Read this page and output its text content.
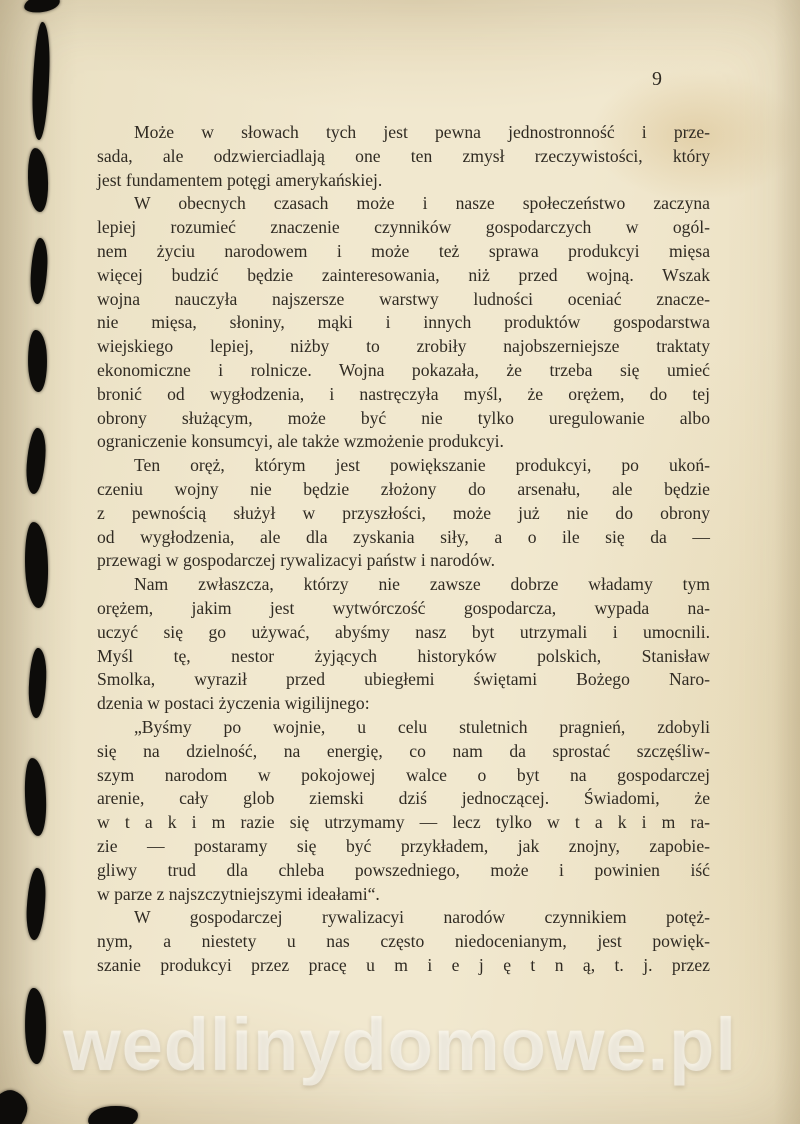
9
Może w słowach tych jest pewna jednostronność i prze-
sada, ale odzwierciadlają one ten zmysł rzeczywistości, który
jest fundamentem potęgi amerykańskiej.
W obecnych czasach może i nasze społeczeństwo zaczyna
lepiej rozumieć znaczenie czynników gospodarczych w ogól-
nem życiu narodowem i może też sprawa produkcyi mięsa
więcej budzić będzie zainteresowania, niż przed wojną. Wszak
wojna nauczyła najszersze warstwy ludności oceniać znacze-
nie mięsa, słoniny, mąki i innych produktów gospodarstwa
wiejskiego lepiej, niżby to zrobiły najobszerniejsze traktaty
ekonomiczne i rolnicze. Wojna pokazała, że trzeba się umieć
bronić od wygłodzenia, i nastręczyła myśl, że orężem, do tej
obrony służącym, może być nie tylko uregulowanie albo
ograniczenie konsumcyi, ale także wzmożenie produkcyi.
Ten oręż, którym jest powiększanie produkcyi, po ukoń-
czeniu wojny nie będzie złożony do arsenału, ale będzie
z pewnością służył w przyszłości, może już nie do obrony
od wygłodzenia, ale dla zyskania siły, a o ile się da —
przewagi w gospodarczej rywalizacyi państw i narodów.
Nam zwłaszcza, którzy nie zawsze dobrze władamy tym
orężem, jakim jest wytwórczość gospodarcza, wypada na-
uczyć się go używać, abyśmy nasz byt utrzymali i umocnili.
Myśl tę, nestor żyjących historyków polskich, Stanisław
Smolka, wyraził przed ubiegłemi świętami Bożego Naro-
dzenia w postaci życzenia wigilijnego:
„Byśmy po wojnie, u celu stuletnich pragnień, zdobyli
się na dzielność, na energię, co nam da sprostać szczęśliw-
szym narodom w pokojowej walce o byt na gospodarczej
arenie, cały glob ziemski dziś jednoczącej. Świadomi, że
w t a k i m razie się utrzymamy — lecz tylko w t a k i m ra-
zie — postaramy się być przykładem, jak znojny, zapobie-
gliwy trud dla chleba powszedniego, może i powinien iść
w parze z najszczytniejszymi ideałami“.
W gospodarczej rywalizacyi narodów czynnikiem potęż-
nym, a niestety u nas często niedocenianym, jest powięk-
szanie produkcyi przez pracę u m i e j ę t n ą, t. j. przez
wedlinydomowe.pl
